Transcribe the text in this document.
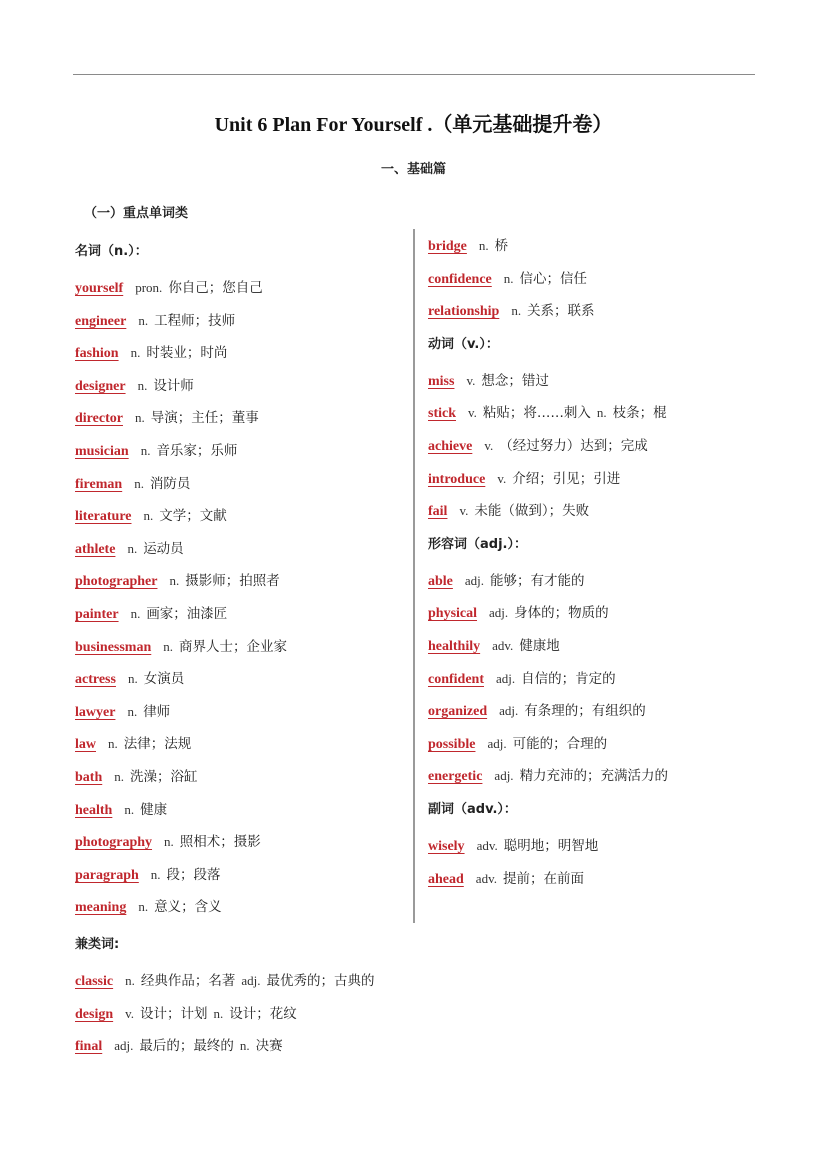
Unit 6 Plan For Yourself .（单元基础提升卷）
一、基础篇
（一）重点单词类
名词（n.）：
yourself pron. 你自己；您自己
engineer n. 工程师；技师
fashion n. 时装业；时尚
designer n. 设计师
director n. 导演；主任；董事
musician n. 音乐家；乐师
fireman n. 消防员
literature n. 文学；文献
athlete n. 运动员
photographer n. 摄影师；拍照者
painter n. 画家；油漆匠
businessman n. 商界人士；企业家
actress n. 女演员
lawyer n. 律师
law n. 法律；法规
bath n. 洗澡；浴缸
health n. 健康
photography n. 照相术；摄影
paragraph n. 段；段落
meaning n. 意义；含义
bridge n. 桥
confidence n. 信心；信任
relationship n. 关系；联系
动词（v.）：
miss v. 想念；错过
stick v. 粘贴；将……刺入 n. 枝条；棍
achieve v. （经过努力）达到；完成
introduce v. 介绍；引见；引进
fail v. 未能（做到）；失败
形容词（adj.）：
able adj. 能够；有才能的
physical adj. 身体的；物质的
healthily adv. 健康地
confident adj. 自信的；肯定的
organized adj. 有条理的；有组织的
possible adj. 可能的；合理的
energetic adj. 精力充沛的；充满活力的
副词（adv.）：
wisely adv. 聪明地；明智地
ahead adv. 提前；在前面
兼类词:
classic n. 经典作品；名著 adj. 最优秀的；古典的
design v. 设计；计划 n. 设计；花纹
final adj. 最后的；最终的 n. 决赛
